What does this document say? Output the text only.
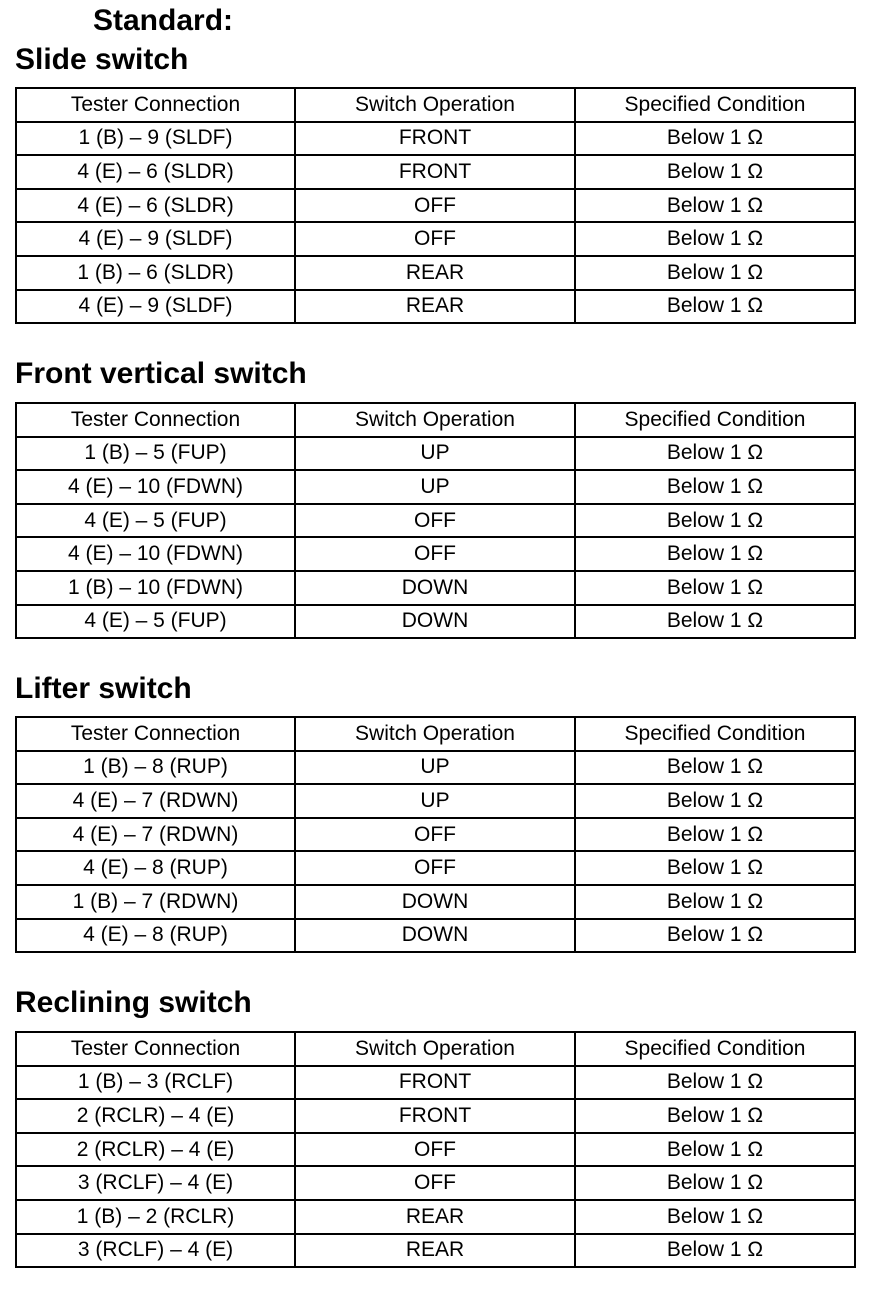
Standard:
Slide switch
Tester Connection	Switch Operation	Specified Condition
1 (B) – 9 (SLDF)	FRONT	Below 1 Ω
4 (E) – 6 (SLDR)	FRONT	Below 1 Ω
4 (E) – 6 (SLDR)	OFF	Below 1 Ω
4 (E) – 9 (SLDF)	OFF	Below 1 Ω
1 (B) – 6 (SLDR)	REAR	Below 1 Ω
4 (E) – 9 (SLDF)	REAR	Below 1 Ω
Front vertical switch
Tester Connection	Switch Operation	Specified Condition
1 (B) – 5 (FUP)	UP	Below 1 Ω
4 (E) – 10 (FDWN)	UP	Below 1 Ω
4 (E) – 5 (FUP)	OFF	Below 1 Ω
4 (E) – 10 (FDWN)	OFF	Below 1 Ω
1 (B) – 10 (FDWN)	DOWN	Below 1 Ω
4 (E) – 5 (FUP)	DOWN	Below 1 Ω
Lifter switch
Tester Connection	Switch Operation	Specified Condition
1 (B) – 8 (RUP)	UP	Below 1 Ω
4 (E) – 7 (RDWN)	UP	Below 1 Ω
4 (E) – 7 (RDWN)	OFF	Below 1 Ω
4 (E) – 8 (RUP)	OFF	Below 1 Ω
1 (B) – 7 (RDWN)	DOWN	Below 1 Ω
4 (E) – 8 (RUP)	DOWN	Below 1 Ω
Reclining switch
Tester Connection	Switch Operation	Specified Condition
1 (B) – 3 (RCLF)	FRONT	Below 1 Ω
2 (RCLR) – 4 (E)	FRONT	Below 1 Ω
2 (RCLR) – 4 (E)	OFF	Below 1 Ω
3 (RCLF) – 4 (E)	OFF	Below 1 Ω
1 (B) – 2 (RCLR)	REAR	Below 1 Ω
3 (RCLF) – 4 (E)	REAR	Below 1 Ω
